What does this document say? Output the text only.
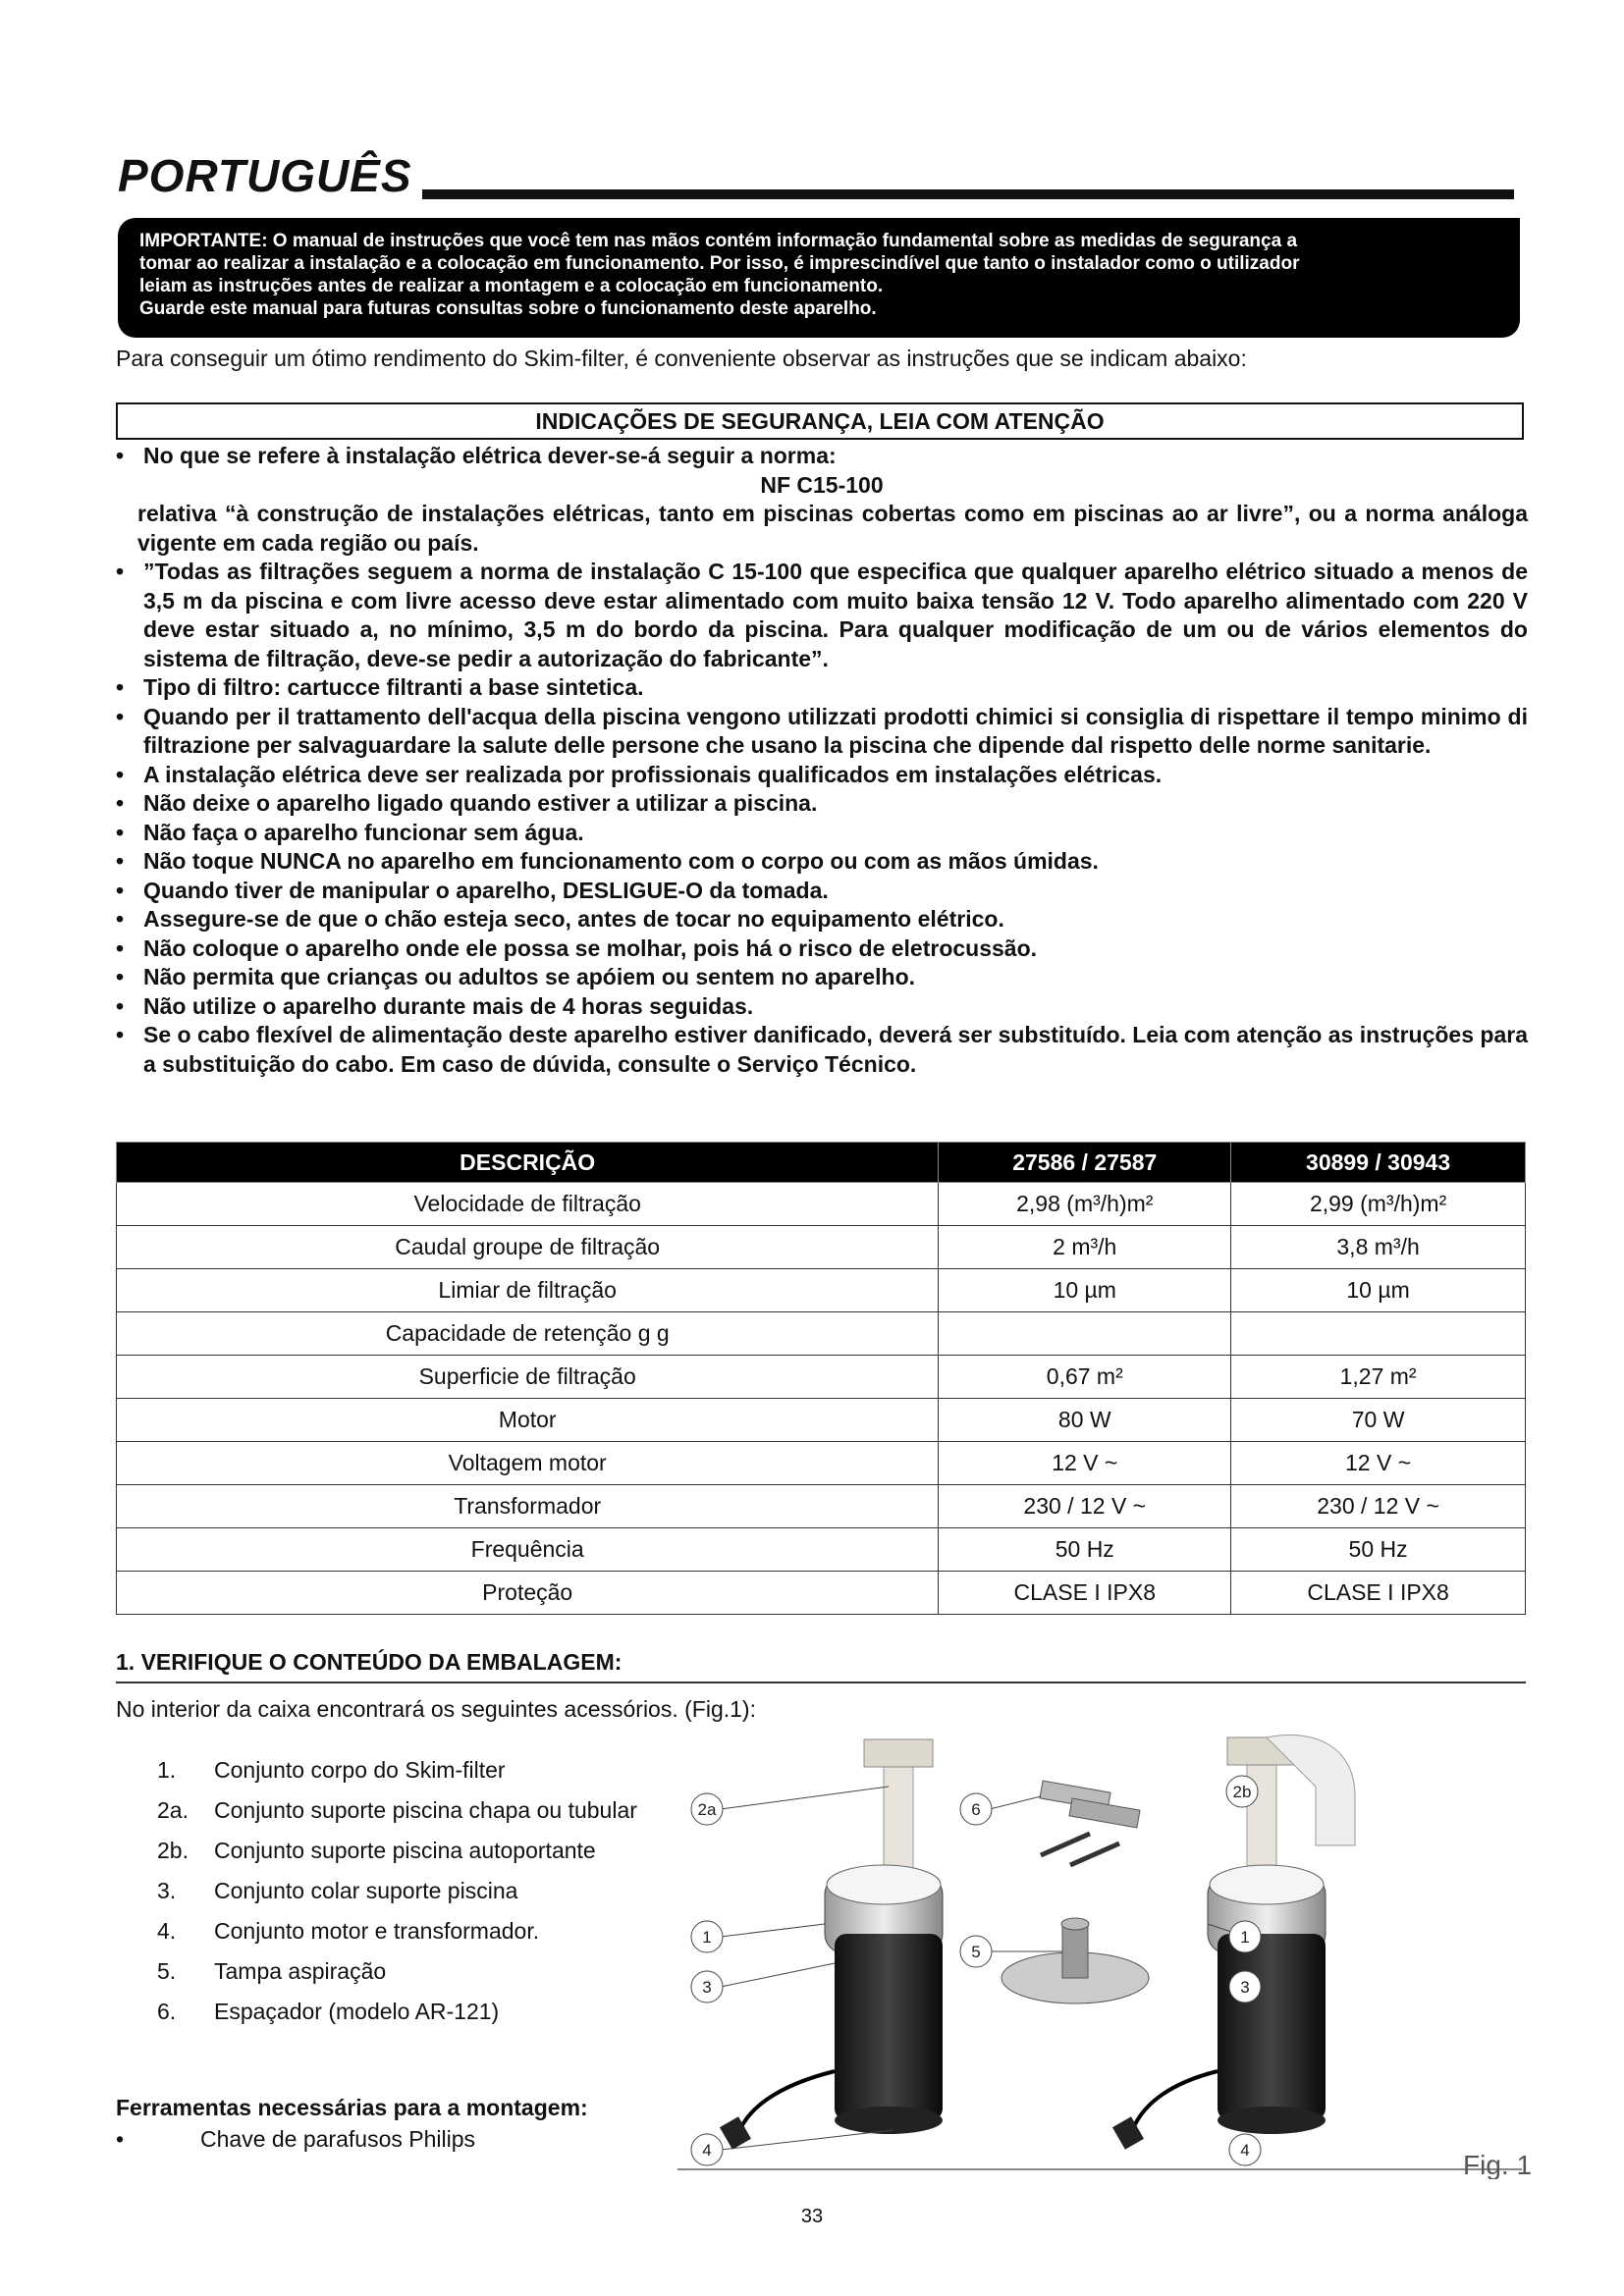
PORTUGUÊS

IMPORTANTE: O manual de instruções que você tem nas mãos contém informação fundamental sobre as medidas de segurança a

tomar ao realizar a instalação e a colocação em funcionamento. Por isso, é imprescindível que tanto o instalador como o utilizador

leiam as instruções antes de realizar a montagem e a colocação em funcionamento.

Guarde este manual para futuras consultas sobre o funcionamento deste aparelho.

Para conseguir um ótimo rendimento do Skim-filter, é conveniente observar as instruções que se indicam abaixo:
INDICAÇÕES DE SEGURANÇA, LEIA COM ATENÇÃO
• No que se refere à instalação elétrica dever-se-á seguir a norma:
NF C15-100
relativa “à construção de instalações elétricas, tanto em piscinas cobertas como em piscinas ao ar livre”, ou a norma análoga vigente em cada região ou país.
• ”Todas as filtrações seguem a norma de instalação C 15-100 que especifica que qualquer aparelho elétrico situado a menos de 3,5 m da piscina e com livre acesso deve estar alimentado com muito baixa tensão 12 V. Todo aparelho alimentado com 220 V deve estar situado a, no mínimo, 3,5 m do bordo da piscina. Para qualquer modificação de um ou de vários elementos do sistema de filtração, deve-se pedir a autorização do fabricante”.
• Tipo di filtro: cartucce filtranti a base sintetica.
• Quando per il trattamento dell'acqua della piscina vengono utilizzati prodotti chimici si consiglia di rispettare il tempo minimo di filtrazione per salvaguardare la salute delle persone che usano la piscina che dipende dal rispetto delle norme sanitarie.
• A instalação elétrica deve ser realizada por profissionais qualificados em instalações elétricas.
• Não deixe o aparelho ligado quando estiver a utilizar a piscina.
• Não faça o aparelho funcionar sem água.
• Não toque NUNCA no aparelho em funcionamento com o corpo ou com as mãos úmidas.
• Quando tiver de manipular o aparelho, DESLIGUE-O da tomada.
• Assegure-se de que o chão esteja seco, antes de tocar no equipamento elétrico.
• Não coloque o aparelho onde ele possa se molhar, pois há o risco de eletrocussão.
• Não permita que crianças ou adultos se apóiem ou sentem no aparelho.
• Não utilize o aparelho durante mais de 4 horas seguidas.
• Se o cabo flexível de alimentação deste aparelho estiver danificado, deverá ser substituído. Leia com atenção as instruções para a substituição do cabo. Em caso de dúvida, consulte o Serviço Técnico.
DESCRIÇÃO	27586 / 27587	30899 / 30943
Velocidade de filtração	2,98 (m³/h)m²	2,99 (m³/h)m²
Caudal groupe de filtração	2 m³/h	3,8 m³/h
Limiar de filtração	10 µm	10 µm
Capacidade de retenção g g		
Superficie de filtração	0,67 m²	1,27 m²
Motor	80 W	70 W
Voltagem motor	12 V ~	12 V ~
Transformador	230 / 12 V ~	230 / 12 V ~
Frequência	50 Hz	50 Hz
Proteção	CLASE I IPX8	CLASE I IPX8
1. VERIFIQUE O CONTEÚDO DA EMBALAGEM:
No interior da caixa encontrará os seguintes acessórios. (Fig.1):
1. Conjunto corpo do Skim-filter
2a. Conjunto suporte piscina chapa ou tubular
2b. Conjunto suporte piscina autoportante
3. Conjunto colar suporte piscina
4. Conjunto motor e transformador.
5. Tampa aspiração
6. Espaçador (modelo AR-121)
Ferramentas necessárias para a montagem:
•	Chave de parafusos Philips
2a
1
3
4
6
5
2b
1
3
4	Fig. 1
33
